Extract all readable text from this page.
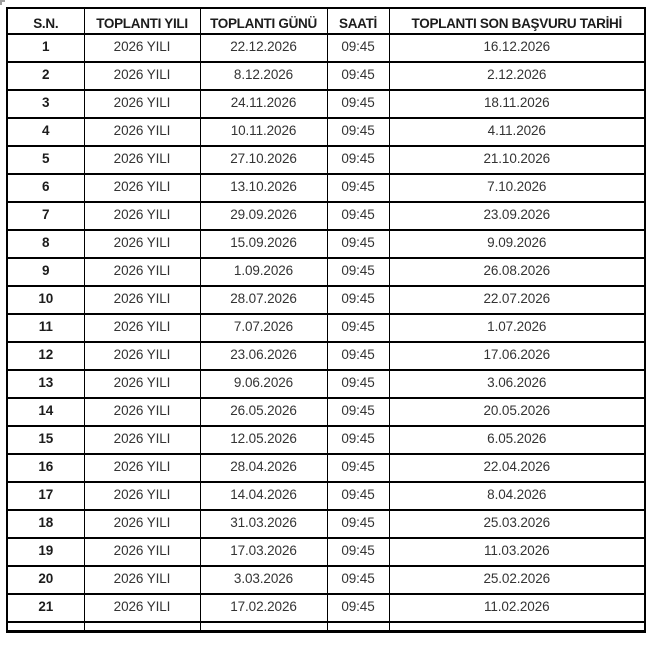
S.N.	TOPLANTI YILI	TOPLANTI GÜNÜ	SAATİ	TOPLANTI SON BAŞVURU TARİHİ
1	2026 YILI	22.12.2026	09:45	16.12.2026
2	2026 YILI	8.12.2026	09:45	2.12.2026
3	2026 YILI	24.11.2026	09:45	18.11.2026
4	2026 YILI	10.11.2026	09:45	4.11.2026
5	2026 YILI	27.10.2026	09:45	21.10.2026
6	2026 YILI	13.10.2026	09:45	7.10.2026
7	2026 YILI	29.09.2026	09:45	23.09.2026
8	2026 YILI	15.09.2026	09:45	9.09.2026
9	2026 YILI	1.09.2026	09:45	26.08.2026
10	2026 YILI	28.07.2026	09:45	22.07.2026
11	2026 YILI	7.07.2026	09:45	1.07.2026
12	2026 YILI	23.06.2026	09:45	17.06.2026
13	2026 YILI	9.06.2026	09:45	3.06.2026
14	2026 YILI	26.05.2026	09:45	20.05.2026
15	2026 YILI	12.05.2026	09:45	6.05.2026
16	2026 YILI	28.04.2026	09:45	22.04.2026
17	2026 YILI	14.04.2026	09:45	8.04.2026
18	2026 YILI	31.03.2026	09:45	25.03.2026
19	2026 YILI	17.03.2026	09:45	11.03.2026
20	2026 YILI	3.03.2026	09:45	25.02.2026
21	2026 YILI	17.02.2026	09:45	11.02.2026
